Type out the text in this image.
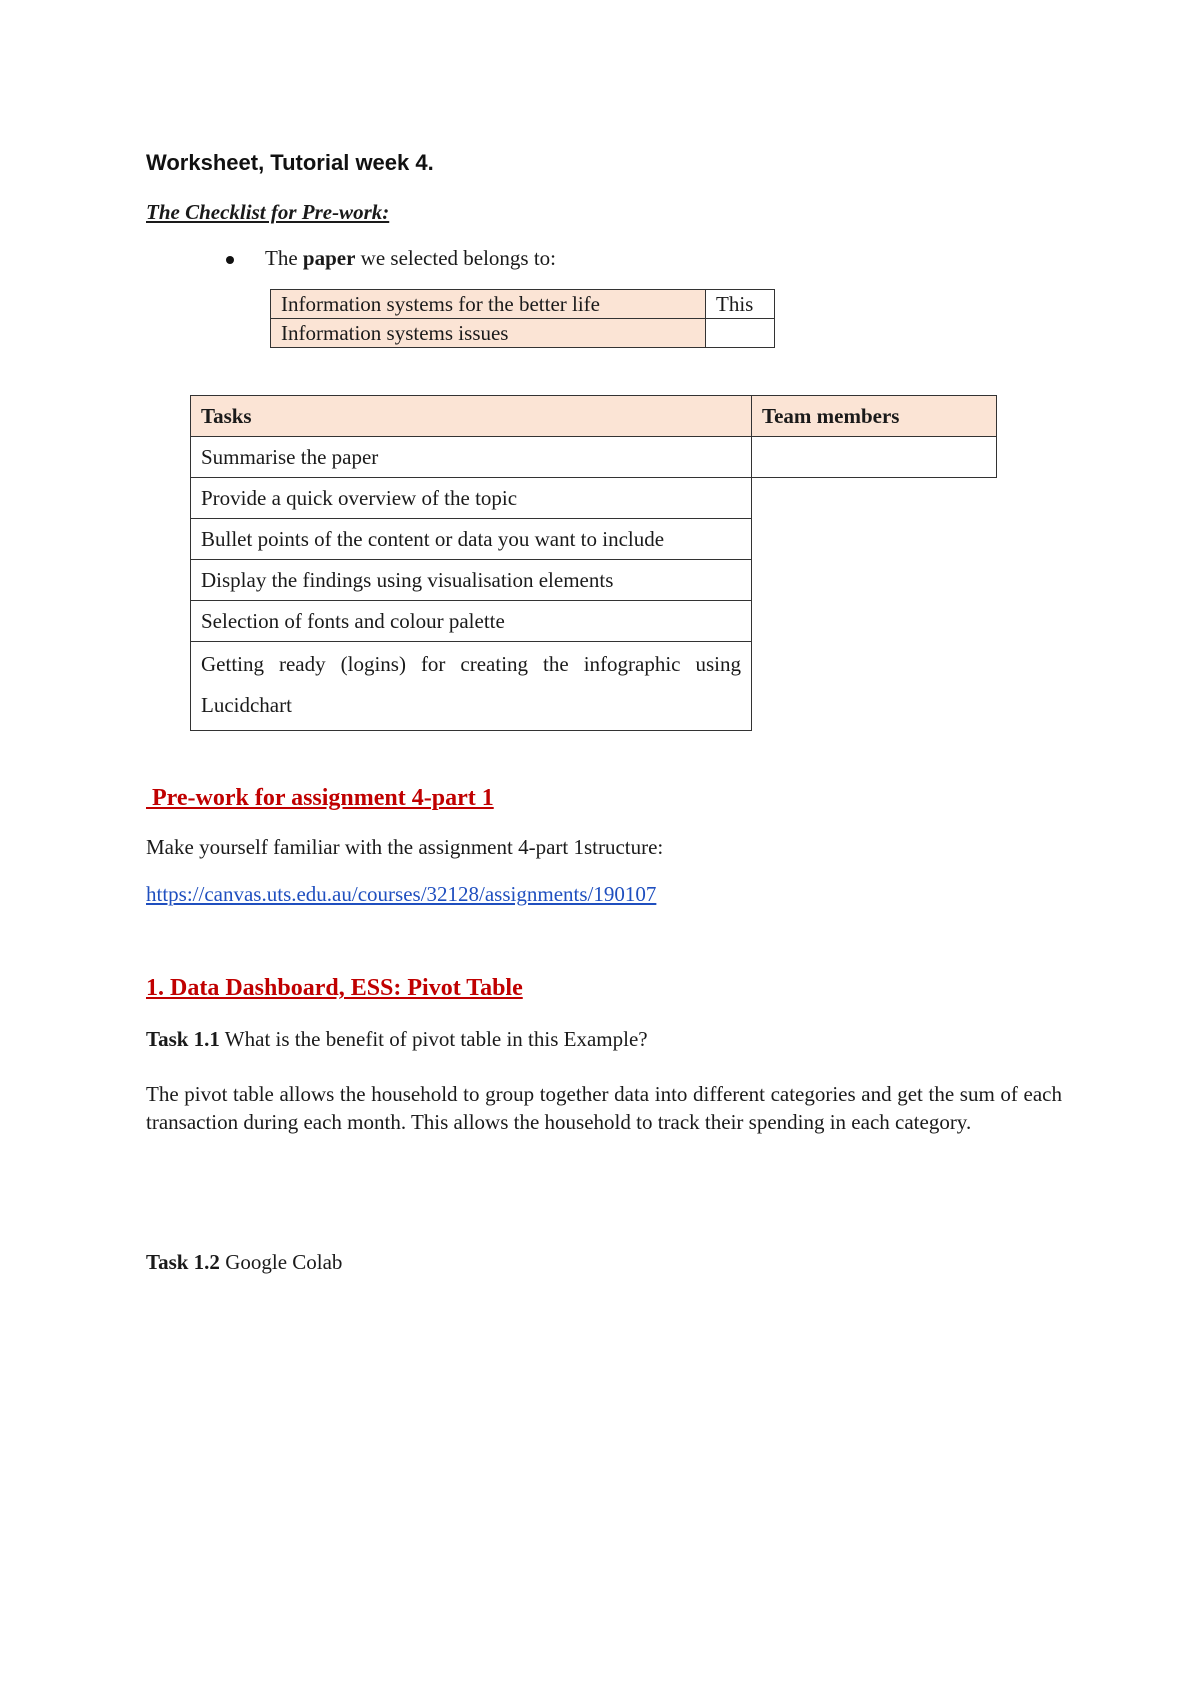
Worksheet, Tutorial week 4.
The Checklist for Pre-work:
The paper we selected belongs to:
Information systems for the better life	This
Information systems issues	
Tasks	Team members
Summarise the paper	
Provide a quick overview of the topic	
Bullet points of the content or data you want to include	
Display the findings using visualisation elements	
Selection of fonts and colour palette	
Getting ready (logins) for creating the infographic using Lucidchart	
Pre-work for assignment 4-part 1
Make yourself familiar with the assignment 4-part 1structure:
https://canvas.uts.edu.au/courses/32128/assignments/190107
1. Data Dashboard, ESS: Pivot Table
Task 1.1 What is the benefit of pivot table in this Example?
The pivot table allows the household to group together data into different categories and get the sum of each transaction during each month. This allows the household to track their spending in each category.
Task 1.2 Google Colab
